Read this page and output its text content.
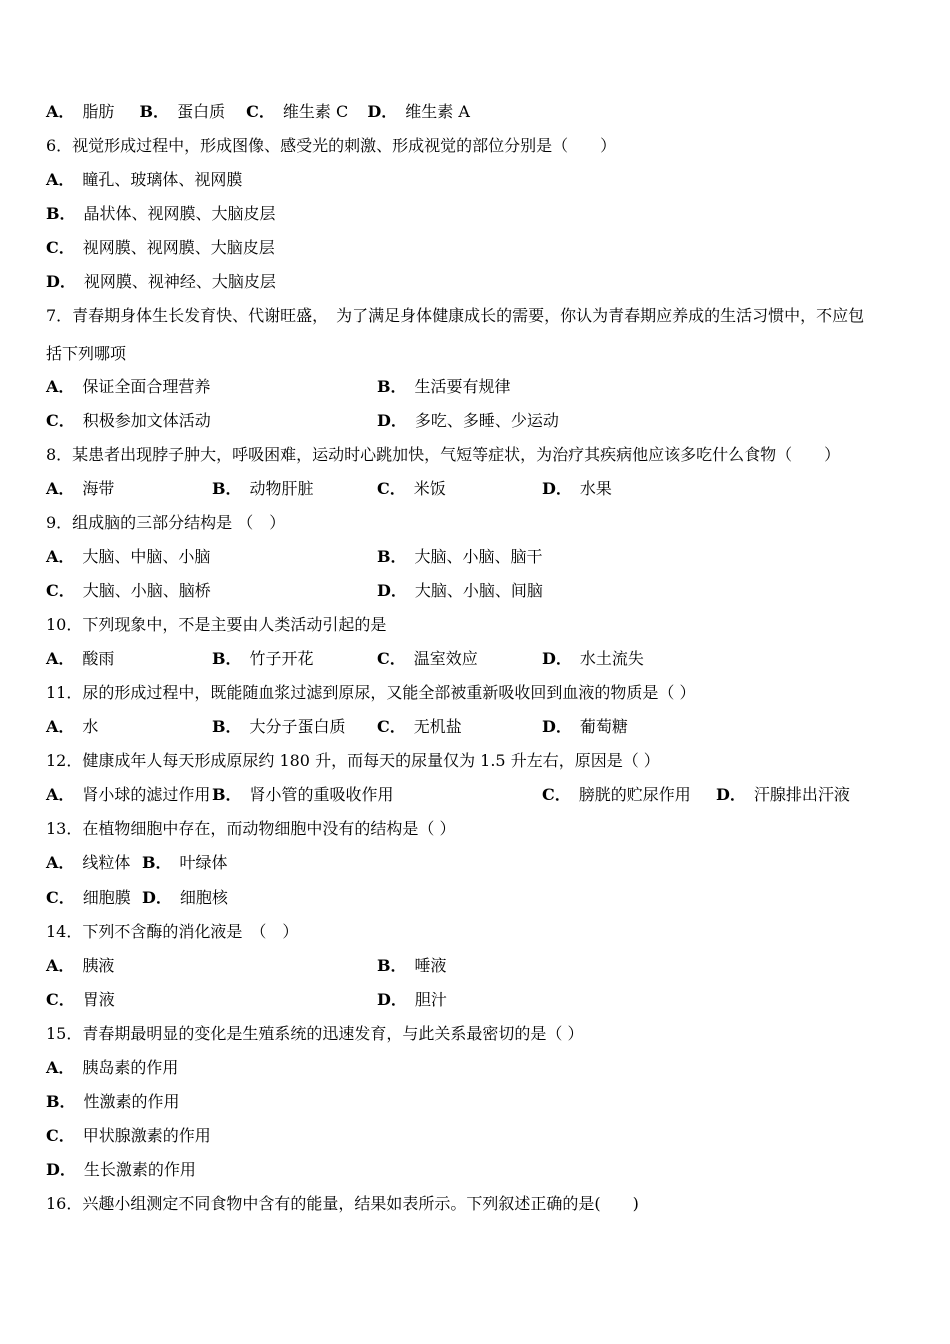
A． 脂肪 B． 蛋白质 C． 维生素 C D． 维生素 A
6．视觉形成过程中，形成图像、感受光的刺激、形成视觉的部位分别是（　　）
A． 瞳孔、玻璃体、视网膜
B． 晶状体、视网膜、大脑皮层
C． 视网膜、视网膜、大脑皮层
D． 视网膜、视神经、大脑皮层
7．青春期身体生长发育快、代谢旺盛，　为了满足身体健康成长的需要，你认为青春期应养成的生活习惯中，不应包
括下列哪项
A． 保证全面合理营养	B． 生活要有规律
C． 积极参加文体活动	D． 多吃、多睡、少运动
8．某患者出现脖子肿大，呼吸困难，运动时心跳加快，气短等症状，为治疗其疾病他应该多吃什么食物（　　）
A． 海带	B． 动物肝脏	C． 米饭	D． 水果
9．组成脑的三部分结构是 （　）
A． 大脑、中脑、小脑	B． 大脑、小脑、脑干
C． 大脑、小脑、脑桥	D． 大脑、小脑、间脑
10．下列现象中，不是主要由人类活动引起的是
A． 酸雨	B． 竹子开花	C． 温室效应	D． 水土流失
11．尿的形成过程中，既能随血浆过滤到原尿，又能全部被重新吸收回到血液的物质是（ ）
A． 水	B． 大分子蛋白质 C． 无机盐	D． 葡萄糖
12．健康成年人每天形成原尿约 180 升，而每天的尿量仅为 1.5 升左右，原因是（ ）
A． 肾小球的滤过作用 B． 肾小管的重吸收作用	C． 膀胱的贮尿作用 D． 汗腺排出汗液
13．在植物细胞中存在，而动物细胞中没有的结构是（ ）
A． 线粒体 B． 叶绿体
C． 细胞膜 D． 细胞核
14．下列不含酶的消化液是　（　）
A． 胰液	B． 唾液
C． 胃液	D． 胆汁
15．青春期最明显的变化是生殖系统的迅速发育，与此关系最密切的是（ ）
A． 胰岛素的作用
B． 性激素的作用
C． 甲状腺激素的作用
D． 生长激素的作用
16．兴趣小组测定不同食物中含有的能量，结果如表所示。下列叙述正确的是(　　)
